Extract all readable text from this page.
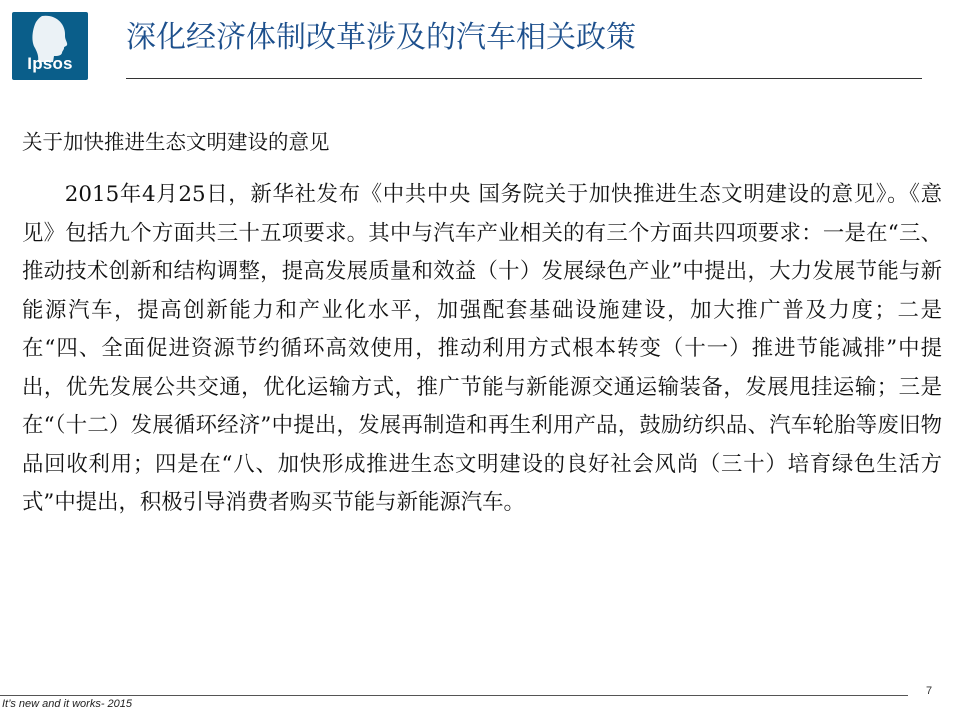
Ipsos
深化经济体制改革涉及的汽车相关政策
关于加快推进生态文明建设的意见

2015年4月25日，新华社发布《中共中央 国务院关于加快推进生态文明建设的意见》。《意见》包括九个方面共三十五项要求。其中与汽车产业相关的有三个方面共四项要求：一是在“三、推动技术创新和结构调整，提高发展质量和效益（十）发展绿色产业”中提出，大力发展节能与新能源汽车，提高创新能力和产业化水平，加强配套基础设施建设，加大推广普及力度；二是在“四、全面促进资源节约循环高效使用，推动利用方式根本转变（十一）推进节能减排”中提出，优先发展公共交通，优化运输方式，推广节能与新能源交通运输装备，发展甩挂运输；三是在“（十二）发展循环经济”中提出，发展再制造和再生利用产品，鼓励纺织品、汽车轮胎等废旧物品回收利用；四是在“八、加快形成推进生态文明建设的良好社会风尚（三十）培育绿色生活方式”中提出，积极引导消费者购买节能与新能源汽车。

It’s new and it works- 2015
7
